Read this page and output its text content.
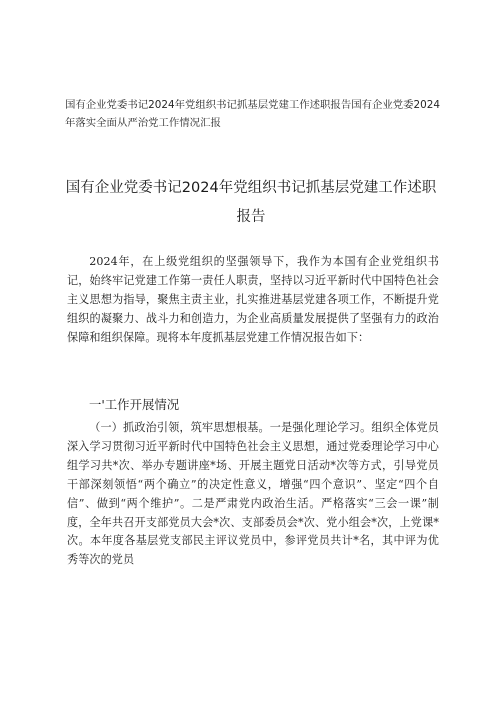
国有企业党委书记2024年党组织书记抓基层党建工作述职报告国有企业党委2024年落实全面从严治党工作情况汇报
国有企业党委书记2024年党组织书记抓基层党建工作述职报告

2024年，在上级党组织的坚强领导下，我作为本国有企业党组织书记，始终牢记党建工作第一责任人职责，坚持以习近平新时代中国特色社会主义思想为指导，聚焦主责主业，扎实推进基层党建各项工作，不断提升党组织的凝聚力、战斗力和创造力，为企业高质量发展提供了坚强有力的政治保障和组织保障。现将本年度抓基层党建工作情况报告如下：

一'工作开展情况

（一）抓政治引领，筑牢思想根基。一是强化理论学习。组织全体党员深入学习贯彻习近平新时代中国特色社会主义思想，通过党委理论学习中心组学习共*次、举办专题讲座*场、开展主题党日活动*次等方式，引导党员干部深刻领悟“两个确立”的决定性意义，增强“四个意识”、坚定“四个自信”、做到“两个维护”。二是严肃党内政治生活。严格落实“三会一课”制度，全年共召开支部党员大会*次、支部委员会*次、党小组会*次，上党课*次。本年度各基层党支部民主评议党员中，参评党员共计*名，其中评为优秀等次的党员
